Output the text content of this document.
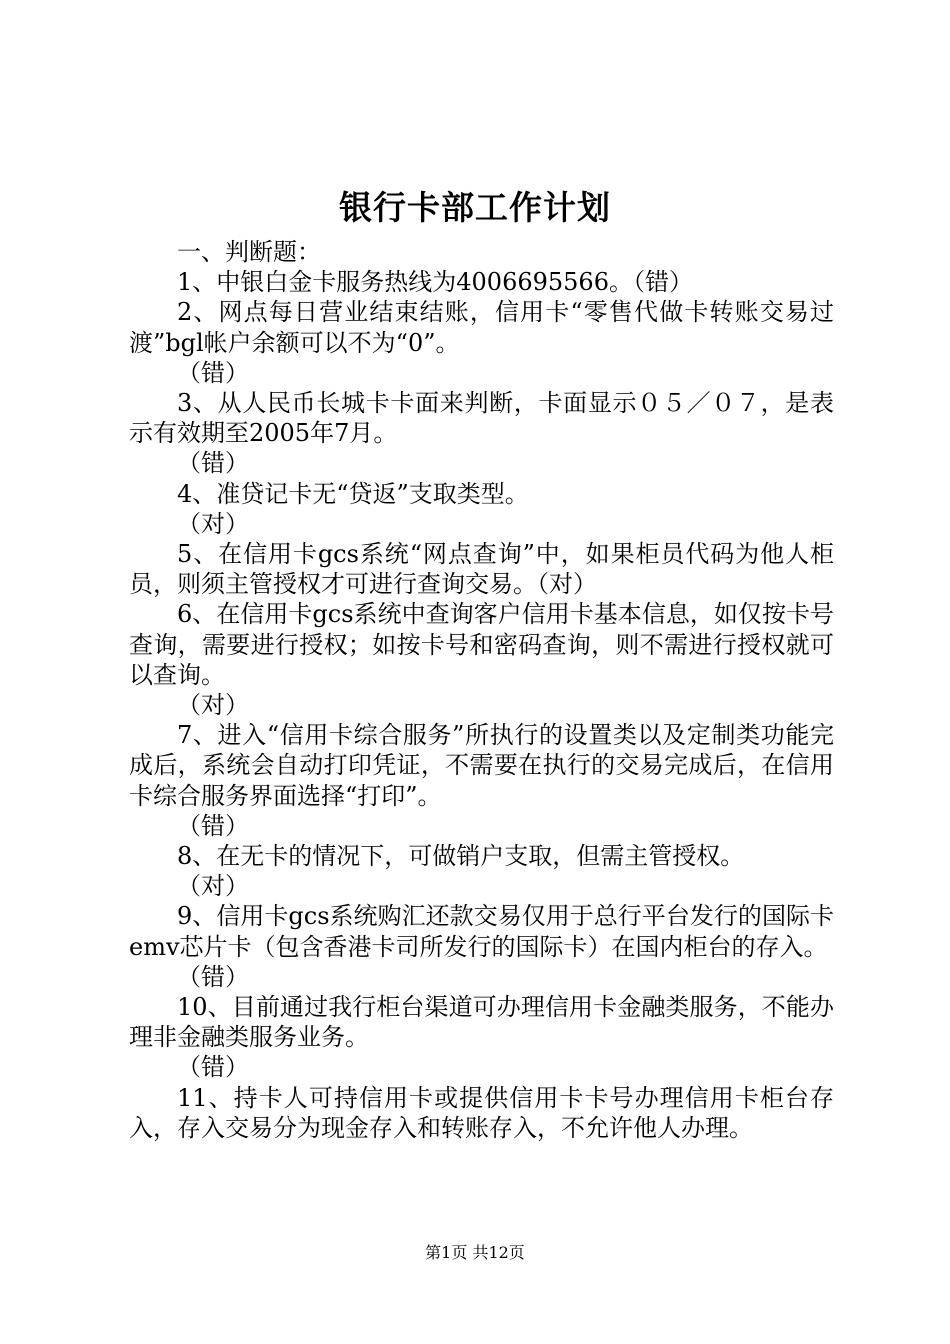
银行卡部工作计划

一、判断题：

1、中银白金卡服务热线为4006695566。（错）

2、网点每日营业结束结账，信用卡“零售代做卡转账交易过渡”bgl帐户余额可以不为“0”。

（错）

3、从人民币长城卡卡面来判断，卡面显示０５／０７，是表示有效期至2005年7月。

（错）

4、准贷记卡无“贷返”支取类型。

（对）

5、在信用卡gcs系统“网点查询”中，如果柜员代码为他人柜员，则须主管授权才可进行查询交易。（对）

6、在信用卡gcs系统中查询客户信用卡基本信息，如仅按卡号查询，需要进行授权；如按卡号和密码查询，则不需进行授权就可以查询。

（对）

7、进入“信用卡综合服务”所执行的设置类以及定制类功能完成后，系统会自动打印凭证，不需要在执行的交易完成后，在信用卡综合服务界面选择“打印”。

（错）

8、在无卡的情况下，可做销户支取，但需主管授权。

（对）

9、信用卡gcs系统购汇还款交易仅用于总行平台发行的国际卡emv芯片卡（包含香港卡司所发行的国际卡）在国内柜台的存入。

（错）

10、目前通过我行柜台渠道可办理信用卡金融类服务，不能办理非金融类服务业务。

（错）

11、持卡人可持信用卡或提供信用卡卡号办理信用卡柜台存入，存入交易分为现金存入和转账存入，不允许他人办理。

第1页 共12页
